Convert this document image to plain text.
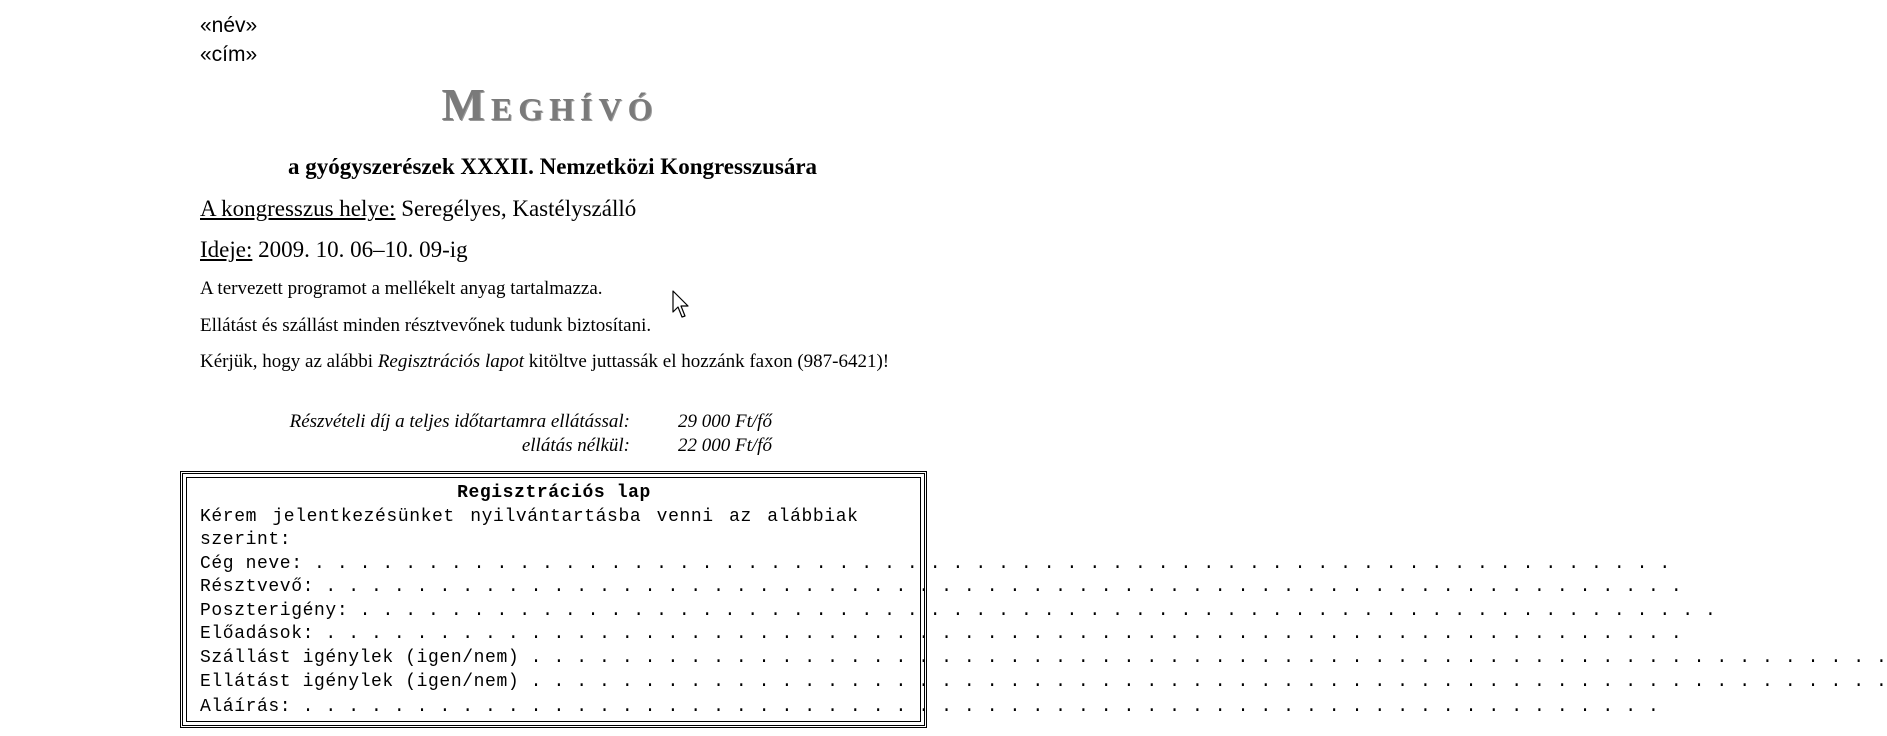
«név»
«cím»
Meghívó
a gyógyszerészek XXXII. Nemzetközi Kongresszusára
A kongresszus helye: Seregélyes, Kastélyszálló
Ideje: 2009. 10. 06–10. 09-ig
A tervezett programot a mellékelt anyag tartalmazza.
Ellátást és szállást minden résztvevőnek tudunk biztosítani.
Kérjük, hogy az alábbi Regisztrációs lapot kitöltve juttassák el hozzánk faxon (987-6421)!
Részvételi díj a teljes időtartamra ellátással:	29 000 Ft/fő
ellátás nélkül:	22 000 Ft/fő
Regisztrációs lap
Kérem jelentkezésünket nyilvántartásba venni az alábbiak szerint:
Cég neve: . . . . . . . . . . . . . . . . . . . . . . . . . . . . . . . . . . . . . . . . . . . . . . . . . . . . . . . . . . . .
Résztvevő: . . . . . . . . . . . . . . . . . . . . . . . . . . . . . . . . . . . . . . . . . . . . . . . . . . . . . . . . . . . .
Poszterigény: . . . . . . . . . . . . . . . . . . . . . . . . . . . . . . . . . . . . . . . . . . . . . . . . . . . . . . . . . . . .
Előadások: . . . . . . . . . . . . . . . . . . . . . . . . . . . . . . . . . . . . . . . . . . . . . . . . . . . . . . . . . . . .
Szállást igénylek (igen/nem) . . . . . . . . . . . . . . . . . . . . . . . . . . . . . . . . . . . . . . . . . . . . . . . . . . . . . . . . . . . .
Ellátást igénylek (igen/nem) . . . . . . . . . . . . . . . . . . . . . . . . . . . . . . . . . . . . . . . . . . . . . . . . . . . . . . . . . . . .
Aláírás: . . . . . . . . . . . . . . . . . . . . . . . . . . . . . . . . . . . . . . . . . . . . . . . . . . . . . . . . . . . .
